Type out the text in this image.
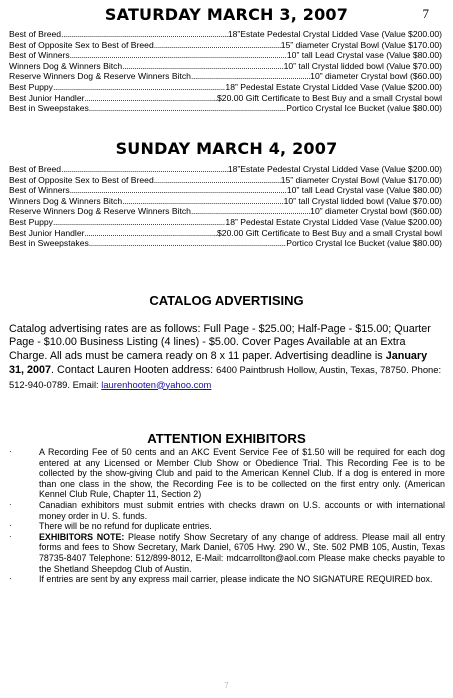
7
SATURDAY MARCH 3, 2007
Best of Breed .....	18”Estate Pedestal Crystal Lidded Vase (Value $200.00)
Best of Opposite Sex to Best of Breed .....	15” diameter Crystal Bowl (Value $170.00)
Best of Winners .....	10” tall Lead Crystal vase (Value $80.00)
Winners Dog & Winners Bitch .....	10” tall Crystal lidded bowl (Value $70.00)
Reserve Winners Dog & Reserve Winners Bitch .....	10” diameter Crystal bowl ($60.00)
Best Puppy .....	18” Pedestal Estate Crystal Lidded Vase (Value $200.00)
Best Junior Handler .....	$20.00 Gift Certificate to Best Buy and a small Crystal bowl
Best in Sweepstakes .....	Portico Crystal Ice Bucket (value $80.00)
SUNDAY MARCH 4, 2007
Best of Breed .....	18”Estate Pedestal Crystal Lidded Vase (Value $200.00)
Best of Opposite Sex to Best of Breed .....	15” diameter Crystal Bowl (Value $170.00)
Best of Winners .....	10” tall Lead Crystal vase (Value $80.00)
Winners Dog & Winners Bitch .....	10” tall Crystal lidded bowl (Value $70.00)
Reserve Winners Dog & Reserve Winners Bitch .....	10” diameter Crystal bowl ($60.00)
Best Puppy .....	18” Pedestal Estate Crystal Lidded Vase (Value $200.00)
Best Junior Handler .....	$20.00 Gift Certificate to Best Buy and a small Crystal bowl
Best in Sweepstakes .....	Portico Crystal Ice Bucket (value $80.00)
CATALOG ADVERTISING
Catalog advertising rates are as follows: Full Page - $25.00; Half-Page - $15.00; Quarter Page - $10.00 Business Listing (4 lines) - $5.00. Cover Pages Available at an Extra Charge. All ads must be camera ready on 8 x 11 paper. Advertising deadline is January 31, 2007. Contact Lauren Hooten address: 6400 Paintbrush Hollow, Austin, Texas, 78750. Phone: 512-940-0789. Email: laurenhooten@yahoo.com
ATTENTION EXHIBITORS
·	A Recording Fee of 50 cents and an AKC Event Service Fee of $1.50 will be required for each dog entered at any Licensed or Member Club Show or Obedience Trial. This Recording Fee is to be collected by the show-giving Club and paid to the American Kennel Club. If a dog is entered in more than one class in the show, the Recording Fee is to be collected on the first entry only. (American Kennel Club Rule, Chapter 11, Section 2)
·	Canadian exhibitors must submit entries with checks drawn on U.S. accounts or with international money order in U. S. funds.
·	There will be no refund for duplicate entries.
·	EXHIBITORS NOTE: Please notify Show Secretary of any change of address. Please mail all entry forms and fees to Show Secretary, Mark Daniel, 6705 Hwy. 290 W., Ste. 502 PMB 105, Austin, Texas 78735-8407 Telephone: 512/899-8012, E-Mail: mdcarrollton@aol.com Please make checks payable to the Shetland Sheepdog Club of Austin.
·	If entries are sent by any express mail carrier, please indicate the NO SIGNATURE REQUIRED box.
7
